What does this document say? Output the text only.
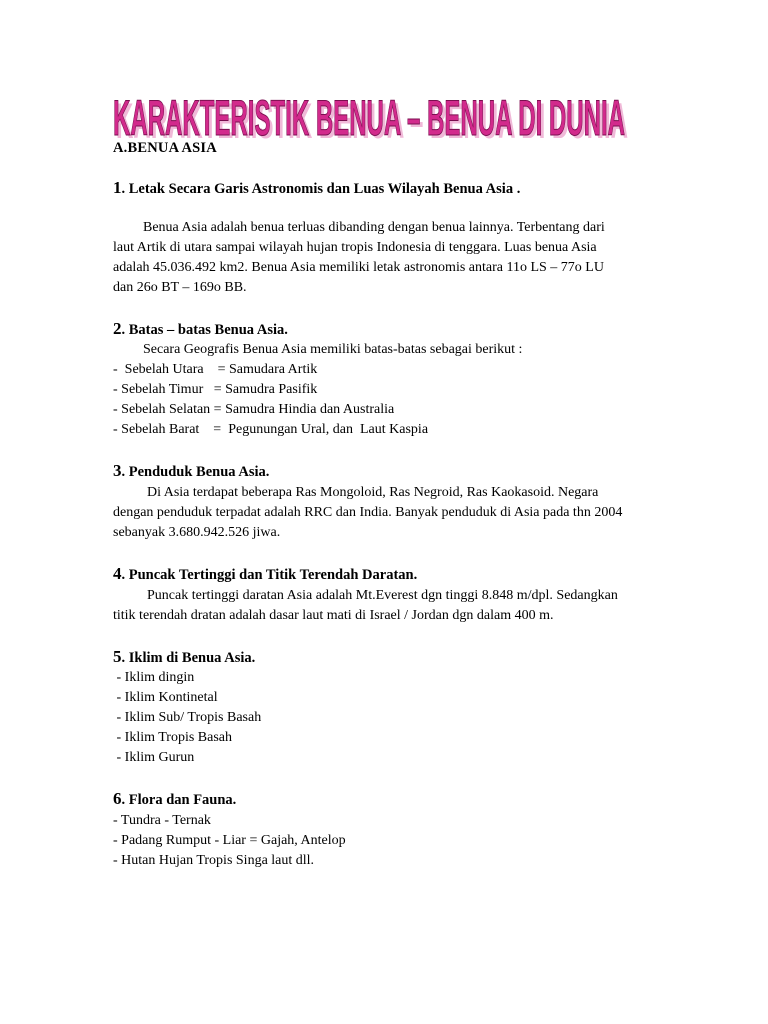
KARAKTERISTIK BENUA – BENUA DI DUNIA
KARAKTERISTIK BENUA – BENUA DI DUNIA
A.BENUA ASIA
1. Letak Secara Garis Astronomis dan Luas Wilayah Benua Asia .

Benua Asia adalah benua terluas dibanding dengan benua lainnya. Terbentang dari

laut Artik di utara sampai wilayah hujan tropis Indonesia di tenggara. Luas benua Asia

adalah 45.036.492 km2. Benua Asia memiliki letak astronomis antara 11o LS – 77o LU

dan 26o BT – 169o BB.

2. Batas – batas Benua Asia.

Secara Geografis Benua Asia memiliki batas-batas sebagai berikut :

-  Sebelah Utara    = Samudara Artik

- Sebelah Timur   = Samudra Pasifik

- Sebelah Selatan = Samudra Hindia dan Australia

- Sebelah Barat    =  Pegunungan Ural, dan  Laut Kaspia

3. Penduduk Benua Asia.

Di Asia terdapat beberapa Ras Mongoloid, Ras Negroid, Ras Kaokasoid. Negara

dengan penduduk terpadat adalah RRC dan India. Banyak penduduk di Asia pada thn 2004

sebanyak 3.680.942.526 jiwa.

4. Puncak Tertinggi dan Titik Terendah Daratan.

Puncak tertinggi daratan Asia adalah Mt.Everest dgn tinggi 8.848 m/dpl. Sedangkan

titik terendah dratan adalah dasar laut mati di Israel / Jordan dgn dalam 400 m.

5. Iklim di Benua Asia.

- Iklim dingin

- Iklim Kontinetal

- Iklim Sub/ Tropis Basah

- Iklim Tropis Basah

- Iklim Gurun

6. Flora dan Fauna.

- Tundra - Ternak

- Padang Rumput - Liar = Gajah, Antelop

- Hutan Hujan Tropis Singa laut dll.
